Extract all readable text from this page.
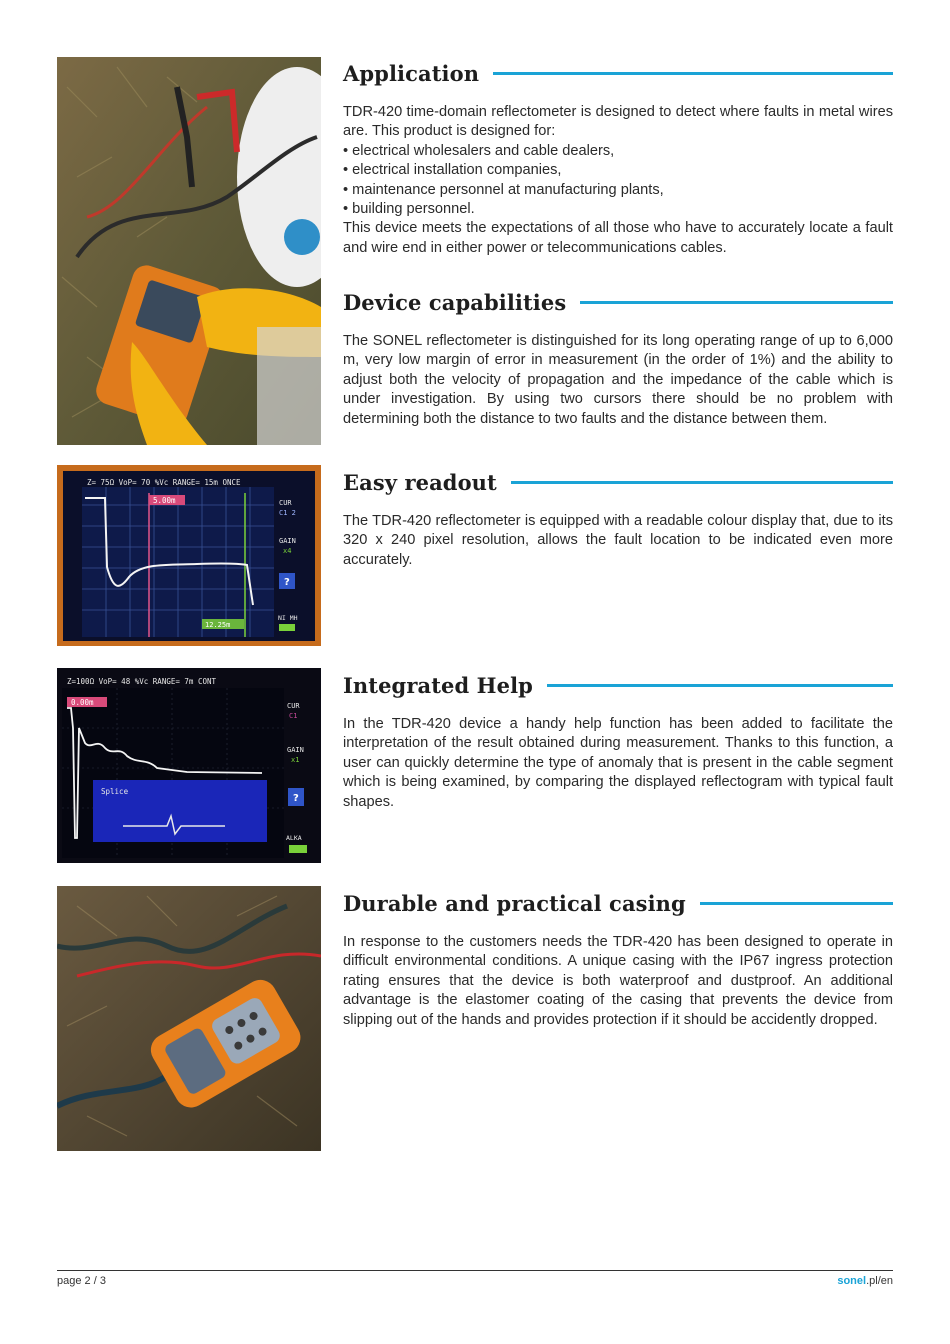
Z= 75Ω VoP= 70 %Vc RANGE= 15m ONCE
5.00m	CUR
C1 2
GAIN
x4
?
NI MH
12.25m
Z=100Ω VoP= 48 %Vc RANGE= 7m CONT
0.00m
Splice
CUR
C1
GAIN
x1
?
ALKA
Application

TDR-420 time-domain reflectometer is designed to detect where faults in metal wires are. This product is designed for:

• electrical wholesalers and cable dealers,
• electrical installation companies,
• maintenance personnel at manufacturing plants,
• building personnel.

This device meets the expectations of all those who have to accurately locate a fault and wire end in either power or telecommunications cables.

Device capabilities

The SONEL reflectometer is distinguished for its long operating range of up to 6,000 m, very low margin of error in measurement (in the order of 1%) and the ability to adjust both the velocity of propagation and the impedance of the cable which is under investigation. By using two cursors there should be no problem with determining both the distance to two faults and the distance between them.

Easy readout

The TDR-420 reflectometer is equipped with a readable colour display that, due to its 320 x 240 pixel resolution, allows the fault location to be indicated even more accurately.

Integrated Help

In the TDR-420 device a handy help function has been added to facilitate the interpretation of the result obtained during measurement. Thanks to this function, a user can quickly determine the type of anomaly that is present in the cable segment which is being examined, by comparing the displayed reflectogram with typical fault shapes.

Durable and practical casing

In response to the customers needs the TDR-420 has been designed to operate in difficult environmental conditions. A unique casing with the IP67 ingress protection rating ensures that the device is both waterproof and dustproof. An additional advantage is the elastomer coating of the casing that prevents the device from slipping out of the hands and provides protection if it should be accidently dropped.

page 2 / 3	sonel.pl/en
